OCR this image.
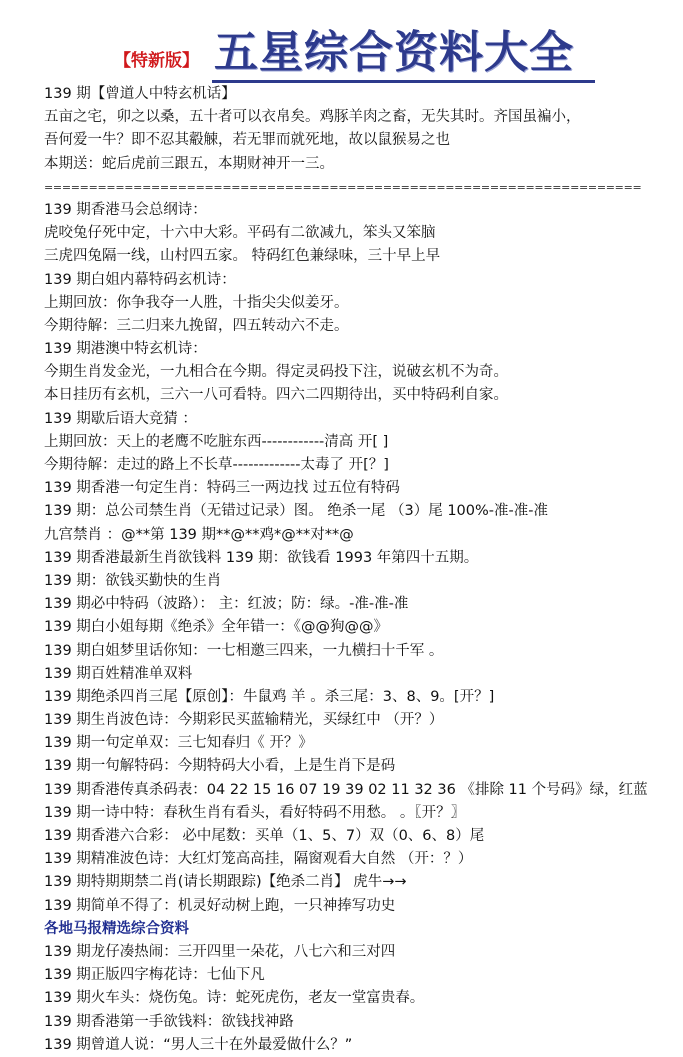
【特新版】 五星综合资料大全
139 期【曾道人中特玄机话】
五亩之宅，卯之以桑，五十者可以衣帛矣。鸡豚羊肉之畜，无失其时。齐国虽褊小，
吾何爱一牛？即不忍其觳觫，若无罪而就死地，故以鼠猴易之也
本期送：蛇后虎前三跟五，本期财神开一三。
===================================================================
139 期香港马会总纲诗：
虎咬兔仔死中定，十六中大彩。平码有二欲减九，笨头又笨脑
三虎四兔隔一线，山村四五家。 特码红色兼绿味，三十早上早
139 期白姐内幕特码玄机诗：
上期回放：你争我夺一人胜，十指尖尖似姜牙。
今期待解：三二归来九挽留，四五转动六不走。
139 期港澳中特玄机诗：
今期生肖发金光，一九相合在今期。得定灵码投下注，说破玄机不为奇。
本日挂历有玄机，三六一八可看特。四六二四期待出，买中特码利自家。
139 期歇后语大竞猜 ：
上期回放：天上的老鹰不吃脏东西------------清高 开[ ]
今期待解：走过的路上不长草-------------太毒了 开[？]
139 期香港一句定生肖：特码三一两边找 过五位有特码
139 期：总公司禁生肖（无错过记录）图。 绝杀一尾 （3）尾 100%-准-准-准
九宫禁肖 ：@**第 139 期**@**鸡*@**对**@
139 期香港最新生肖欲钱料 139 期：欲钱看 1993 年第四十五期。
139 期：欲钱买勤快的生肖
139 期必中特码（波路）： 主：红波；防：绿。-准-准-准
139 期白小姐每期《绝杀》全年错一：《@@狗@@》
139 期白姐梦里话你知：一七相邀三四来，一九横扫十千军 。
139 期百姓精准单双料
139 期绝杀四肖三尾【原创】：牛鼠鸡 羊 。杀三尾：3、8、9。[开？]
139 期生肖波色诗：今期彩民买蓝输精光，买绿红中 （开？）
139 期一句定单双：三七知春归《 开？》
139 期一句解特码：今期特码大小看，上是生肖下是码
139 期香港传真杀码表：04 22 15 16 07 19 39 02 11 32 36 《排除 11 个号码》绿，红蓝
139 期一诗中特：春秋生肖有看头，看好特码不用愁。 。〖开？〗
139 期香港六合彩： 必中尾数：买单（1、5、7）双（0、6、8）尾
139 期精准波色诗：大红灯笼高高挂，隔窗观看大自然 （开：？）
139 期特期期禁二肖(请长期跟踪)【绝杀二肖】 虎牛→→
139 期简单不得了：机灵好动树上跑，一只神捧写功史
各地马报精选综合资料
139 期龙仔凑热闹：三开四里一朵花，八七六和三对四
139 期正版四字梅花诗：七仙下凡
139 期火车头：烧伤兔。诗：蛇死虎伤，老友一堂富贵春。
139 期香港第一手欲钱料：欲钱找神路
139 期曾道人说：“男人三十在外最爱做什么？”
